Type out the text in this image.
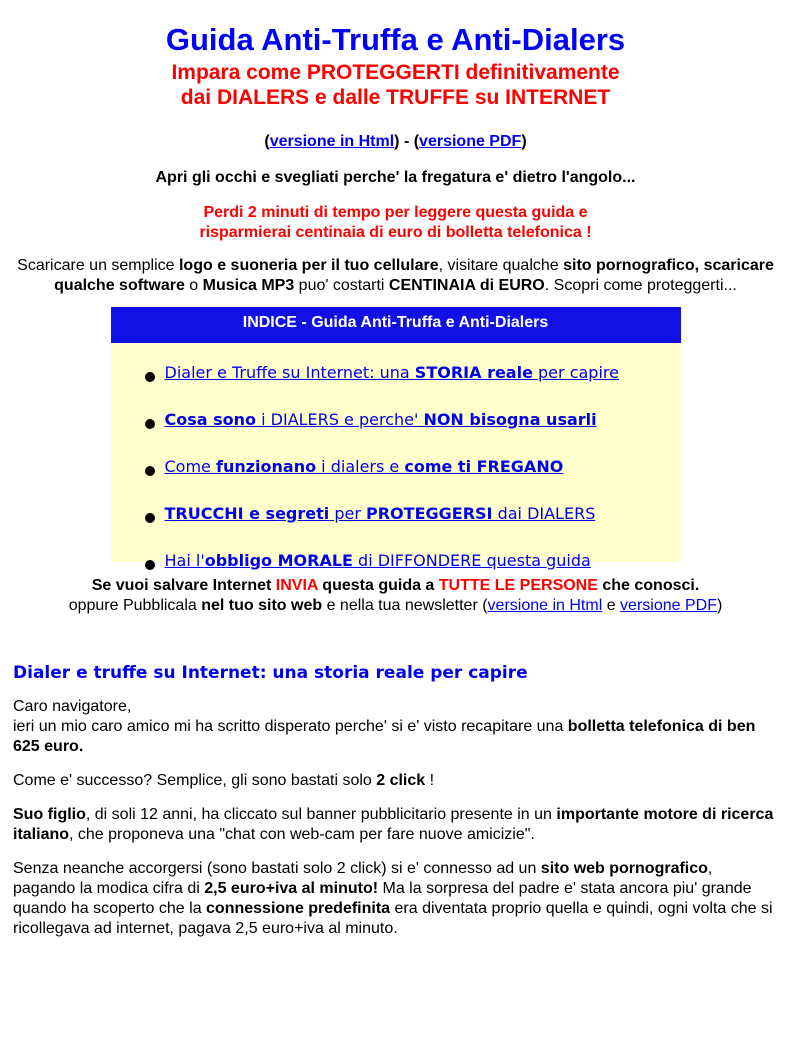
Guida Anti-Truffa e Anti-Dialers
Impara come PROTEGGERTI definitivamente
dai DIALERS e dalle TRUFFE su INTERNET
(versione in Html) - (versione PDF)
Apri gli occhi e svegliati perche' la fregatura e' dietro l'angolo...
Perdi 2 minuti di tempo per leggere questa guida e
risparmierai centinaia di euro di bolletta telefonica !
Scaricare un semplice logo e suoneria per il tuo cellulare, visitare qualche sito pornografico, scaricare qualche software o Musica MP3 puo' costarti CENTINAIA di EURO. Scopri come proteggerti...
INDICE - Guida Anti-Truffa e Anti-Dialers
Dialer e Truffe su Internet: una STORIA reale per capire
Cosa sono i DIALERS e perche' NON bisogna usarli
Come funzionano i dialers e come ti FREGANO
TRUCCHI e segreti per PROTEGGERSI dai DIALERS
Hai l'obbligo MORALE di DIFFONDERE questa guida
Se vuoi salvare Internet INVIA questa guida a TUTTE LE PERSONE che conosci.
oppure Pubblicala nel tuo sito web e nella tua newsletter (versione in Html e versione PDF)
Dialer e truffe su Internet: una storia reale per capire
Caro navigatore,
ieri un mio caro amico mi ha scritto disperato perche' si e' visto recapitare una bolletta telefonica di ben 625 euro.
Come e' successo? Semplice, gli sono bastati solo 2 click !
Suo figlio, di soli 12 anni, ha cliccato sul banner pubblicitario presente in un importante motore di ricerca italiano, che proponeva una "chat con web-cam per fare nuove amicizie".
Senza neanche accorgersi (sono bastati solo 2 click) si e' connesso ad un sito web pornografico, pagando la modica cifra di 2,5 euro+iva al minuto! Ma la sorpresa del padre e' stata ancora piu' grande quando ha scoperto che la connessione predefinita era diventata proprio quella e quindi, ogni volta che si ricollegava ad internet, pagava 2,5 euro+iva al minuto.
